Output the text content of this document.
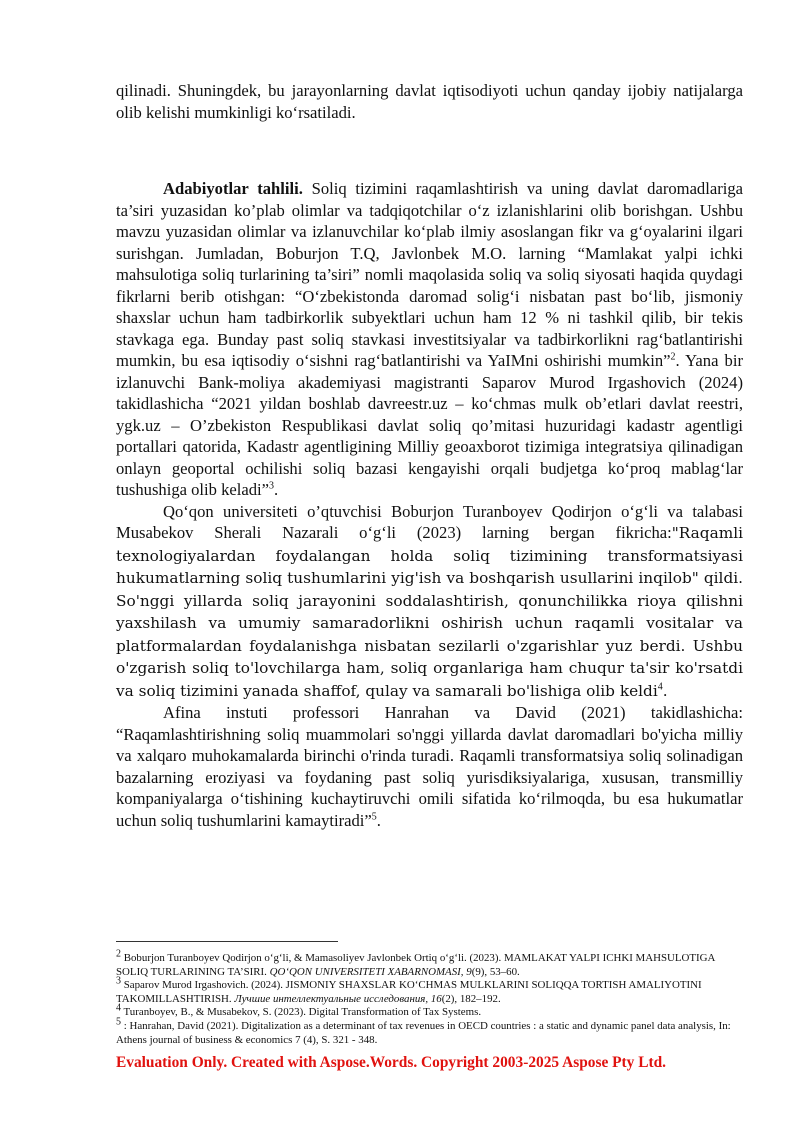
qilinadi. Shuningdek, bu jarayonlarning davlat iqtisodiyoti uchun qanday ijobiy natijalarga olib kelishi mumkinligi ko‘rsatiladi.

Adabiyotlar tahlili. Soliq tizimini raqamlashtirish va uning davlat daromadlariga ta’siri yuzasidan ko’plab olimlar va tadqiqotchilar o‘z izlanishlarini olib borishgan. Ushbu mavzu yuzasidan olimlar va izlanuvchilar ko‘plab ilmiy asoslangan fikr va g‘oyalarini ilgari surishgan. Jumladan, Boburjon T.Q, Javlonbek M.O. larning “Mamlakat yalpi ichki mahsulotiga soliq turlarining ta’siri” nomli maqolasida soliq va soliq siyosati haqida quydagi fikrlarni berib otishgan: “O‘zbekistonda daromad solig‘i nisbatan past bo‘lib, jismoniy shaxslar uchun ham tadbirkorlik subyektlari uchun ham 12 % ni tashkil qilib, bir tekis stavkaga ega. Bunday past soliq stavkasi investitsiyalar va tadbirkorlikni rag‘batlantirishi mumkin, bu esa iqtisodiy o‘sishni rag‘batlantirishi va YaIMni oshirishi mumkin”$^2$. Yana bir izlanuvchi Bank-moliya akademiyasi magistranti Saparov Murod Irgashovich (2024) takidlashicha “2021 yildan boshlab davreestr.uz – ko‘chmas mulk ob’etlari davlat reestri, ygk.uz – O’zbekiston Respublikasi davlat soliq qo’mitasi huzuridagi kadastr agentligi portallari qatorida, Kadastr agentligining Milliy geoaxborot tizimiga integratsiya qilinadigan onlayn geoportal ochilishi soliq bazasi kengayishi orqali budjetga ko‘proq mablag‘lar tushushiga olib keladi”$^3$.

Qo‘qon universiteti o’qtuvchisi Boburjon Turanboyev Qodirjon o‘g‘li va talabasi Musabekov Sherali Nazarali o‘g‘li (2023) larning bergan fikricha:"Raqamli texnologiyalardan foydalangan holda soliq tizimining transformatsiyasi hukumatlarning soliq tushumlarini yig'ish va boshqarish usullarini inqilob" qildi. So'nggi yillarda soliq jarayonini soddalashtirish, qonunchilikka rioya qilishni yaxshilash va umumiy samaradorlikni oshirish uchun raqamli vositalar va platformalardan foydalanishga nisbatan sezilarli o'zgarishlar yuz berdi. Ushbu o'zgarish soliq to'lovchilarga ham, soliq organlariga ham chuqur ta'sir ko'rsatdi va soliq tizimini yanada shaffof, qulay va samarali bo'lishiga olib keldi$^4$.

Afina instuti professori Hanrahan va David (2021) takidlashicha: “Raqamlashtirishning soliq muammolari so'nggi yillarda davlat daromadlari bo'yicha milliy va xalqaro muhokamalarda birinchi o'rinda turadi. Raqamli transformatsiya soliq solinadigan bazalarning eroziyasi va foydaning past soliq yurisdiksiyalariga, xususan, transmilliy kompaniyalarga o‘tishining kuchaytiruvchi omili sifatida ko‘rilmoqda, bu esa hukumatlar uchun soliq tushumlarini kamaytiradi”$^5$.

$^2$ Boburjon Turanboyev Qodirjon o‘g‘li, & Mamasoliyev Javlonbek Ortiq o‘g‘li. (2023). MAMLAKAT YALPI ICHKI MAHSULOTIGA SOLIQ TURLARINING TA’SIRI. QO‘QON UNIVERSITETI XABARNOMASI, 9(9), 53–60.

$^3$ Saparov Murod Irgashovich. (2024). JISMONIY SHAXSLAR KO‘CHMAS MULKLARINI SOLIQQA TORTISH AMALIYOTINI TAKOMILLASHTIRISH. Лучшие интеллектуальные исследования, 16(2), 182–192.

$^4$ Turanboyev, B., & Musabekov, S. (2023). Digital Transformation of Tax Systems.

$^5$ : Hanrahan, David (2021). Digitalization as a determinant of tax revenues in OECD countries : a static and dynamic panel data analysis, In: Athens journal of business & economics 7 (4), S. 321 - 348.

Evaluation Only. Created with Aspose.Words. Copyright 2003-2025 Aspose Pty Ltd.
